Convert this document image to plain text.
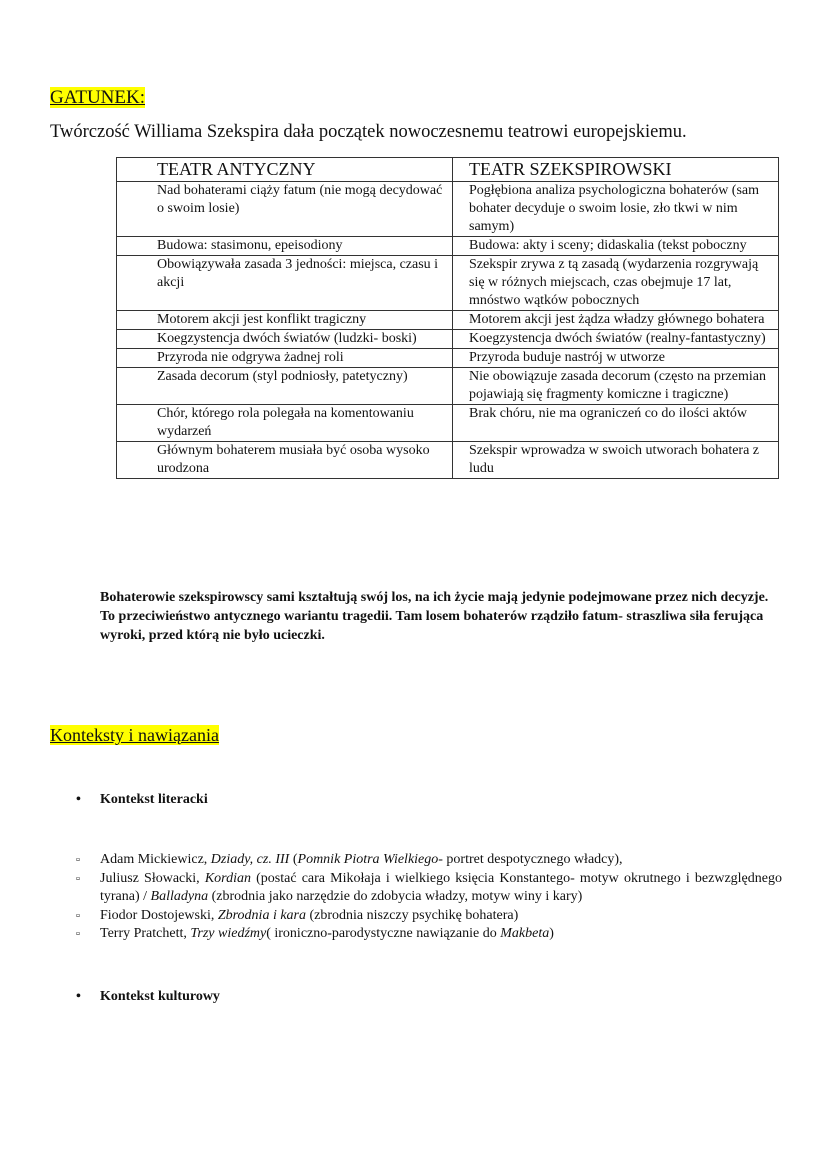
GATUNEK:
Twórczość Williama Szekspira dała początek nowoczesnemu teatrowi europejskiemu.
TEATR ANTYCZNY	TEATR SZEKSPIROWSKI
Nad bohaterami ciąży fatum (nie mogą decydować o swoim losie)	Pogłębiona analiza psychologiczna bohaterów (sam bohater decyduje o swoim losie, zło tkwi w nim samym)
Budowa: stasimonu, epeisodiony	Budowa: akty i sceny; didaskalia (tekst poboczny
Obowiązywała zasada 3 jedności: miejsca, czasu i akcji	Szekspir zrywa z tą zasadą (wydarzenia rozgrywają się w różnych miejscach, czas obejmuje 17 lat, mnóstwo wątków pobocznych
Motorem akcji jest konflikt tragiczny	Motorem akcji jest żądza władzy głównego bohatera
Koegzystencja dwóch światów (ludzki- boski)	Koegzystencja dwóch światów (realny-fantastyczny)
Przyroda nie odgrywa żadnej roli	Przyroda buduje nastrój w utworze
Zasada decorum (styl podniosły, patetyczny)	Nie obowiązuje zasada decorum (często na przemian pojawiają się fragmenty komiczne i tragiczne)
Chór, którego rola polegała na komentowaniu wydarzeń	Brak chóru, nie ma ograniczeń co do ilości aktów
Głównym bohaterem musiała być osoba wysoko urodzona	Szekspir wprowadza w swoich utworach bohatera z ludu
Bohaterowie szekspirowscy sami kształtują swój los, na ich życie mają jedynie podejmowane przez nich decyzje. To przeciwieństwo antycznego wariantu tragedii. Tam losem bohaterów rządziło fatum- straszliwa siła ferująca wyroki, przed którą nie było ucieczki.
Konteksty i nawiązania
• Kontekst literacki
▫ Adam Mickiewicz, Dziady, cz. III (Pomnik Piotra Wielkiego- portret despotycznego władcy),
▫ Juliusz Słowacki, Kordian (postać cara Mikołaja i wielkiego księcia Konstantego- motyw okrutnego i bezwzględnego tyrana) / Balladyna (zbrodnia jako narzędzie do zdobycia władzy, motyw winy i kary)
▫ Fiodor Dostojewski, Zbrodnia i kara (zbrodnia niszczy psychikę bohatera)
▫ Terry Pratchett, Trzy wiedźmy( ironiczno-parodystyczne nawiązanie do Makbeta)
• Kontekst kulturowy
